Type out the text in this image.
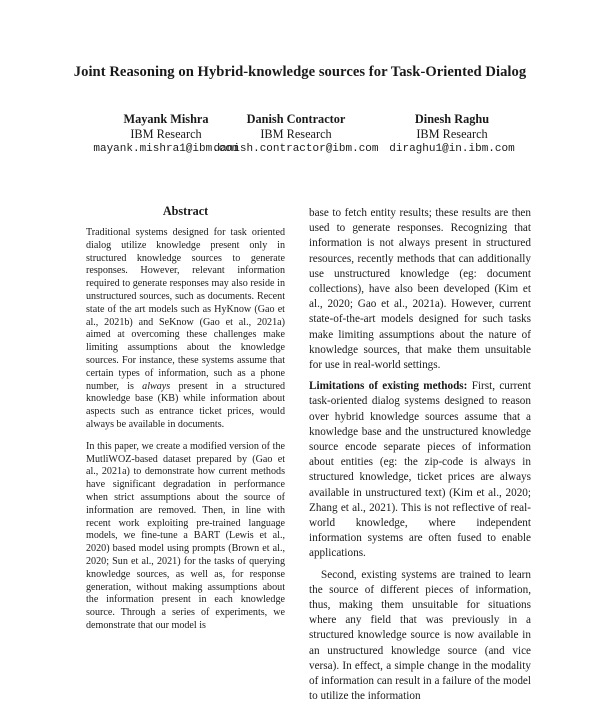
Joint Reasoning on Hybrid-knowledge sources for Task-Oriented Dialog
Mayank Mishra
IBM Research
mayank.mishra1@ibm.com
Danish Contractor
IBM Research
danish.contractor@ibm.com
Dinesh Raghu
IBM Research
diraghu1@in.ibm.com
Abstract

Traditional systems designed for task oriented dialog utilize knowledge present only in structured knowledge sources to generate responses. However, relevant information required to generate responses may also reside in unstructured sources, such as documents. Recent state of the art models such as HyKnow (Gao et al., 2021b) and SeKnow (Gao et al., 2021a) aimed at overcoming these challenges make limiting assumptions about the knowledge sources. For instance, these systems assume that certain types of information, such as a phone number, is always present in a structured knowledge base (KB) while information about aspects such as entrance ticket prices, would always be available in documents.

In this paper, we create a modified version of the MutliWOZ-based dataset prepared by (Gao et al., 2021a) to demonstrate how current methods have significant degradation in performance when strict assumptions about the source of information are removed. Then, in line with recent work exploiting pre-trained language models, we fine-tune a BART (Lewis et al., 2020) based model using prompts (Brown et al., 2020; Sun et al., 2021) for the tasks of querying knowledge sources, as well as, for response generation, without making assumptions about the information present in each knowledge source. Through a series of experiments, we demonstrate that our model is

base to fetch entity results; these results are then used to generate responses. Recognizing that information is not always present in structured resources, recently methods that can additionally use unstructured knowledge (eg: document collections), have also been developed (Kim et al., 2020; Gao et al., 2021a). However, current state-of-the-art models designed for such tasks make limiting assumptions about the nature of knowledge sources, that make them unsuitable for use in real-world settings.

Limitations of existing methods: First, current task-oriented dialog systems designed to reason over hybrid knowledge sources assume that a knowledge base and the unstructured knowledge source encode separate pieces of information about entities (eg: the zip-code is always in structured knowledge, ticket prices are always available in unstructured text) (Kim et al., 2020; Zhang et al., 2021). This is not reflective of real-world knowledge, where independent information systems are often fused to enable applications.

Second, existing systems are trained to learn the source of different pieces of information, thus, making them unsuitable for situations where any field that was previously in a structured knowledge source is now available in an unstructured knowledge source (and vice versa). In effect, a simple change in the modality of information can result in a failure of the model to utilize the information
